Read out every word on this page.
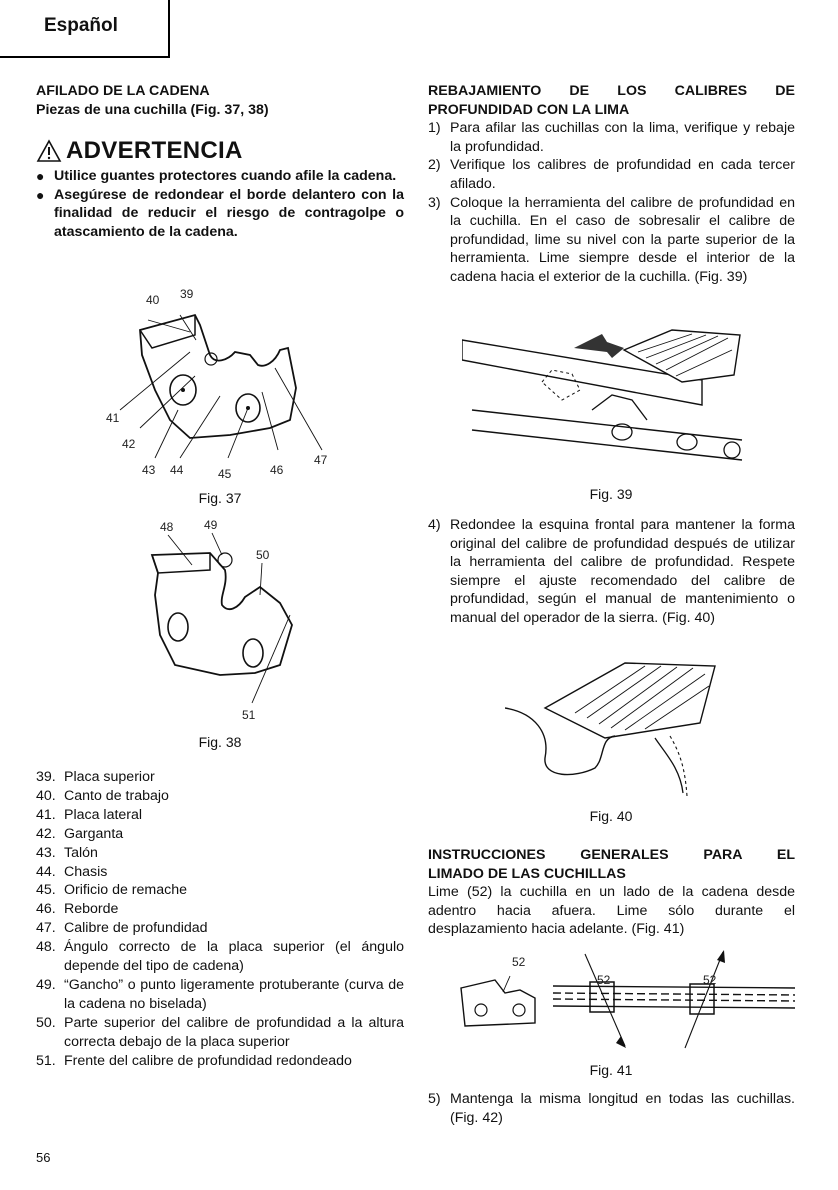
Español

AFILADO DE LA CADENA

Piezas de una cuchilla (Fig. 37, 38)

ADVERTENCIA
● Utilice guantes protectores cuando afile la cadena.
● Asegúrese de redondear el borde delantero con la finalidad de reducir el riesgo de contragolpe o atascamiento de la cadena.
40 39
41
42
43 44	45	46
47
Fig. 37
48	49
50
51
Fig. 38
39. Placa superior
40. Canto de trabajo
41. Placa lateral
42. Garganta
43. Talón
44. Chasis
45. Orificio de remache
46. Reborde
47. Calibre de profundidad
48. Ángulo correcto de la placa superior (el ángulo depende del tipo de cadena)
49. “Gancho” o punto ligeramente protuberante (curva de la cadena no biselada)
50. Parte superior del calibre de profundidad a la altura correcta debajo de la placa superior
51. Frente del calibre de profundidad redondeado

REBAJAMIENTO DE LOS CALIBRES DE

PROFUNDIDAD CON LA LIMA

1) Para afilar las cuchillas con la lima, verifique y rebaje la profundidad.
2) Verifique los calibres de profundidad en cada tercer afilado.
3) Coloque la herramienta del calibre de profundidad en la cuchilla. En el caso de sobresalir el calibre de profundidad, lime su nivel con la parte superior de la herramienta. Lime siempre desde el interior de la cadena hacia el exterior de la cuchilla. (Fig. 39)
Fig. 39
4) Redondee la esquina frontal para mantener la forma original del calibre de profundidad después de utilizar la herramienta del calibre de profundidad. Respete siempre el ajuste recomendado del calibre de profundidad, según el manual de mantenimiento o manual del operador de la sierra. (Fig. 40)
Fig. 40

INSTRUCCIONES GENERALES PARA EL

LIMADO DE LAS CUCHILLAS

Lime (52) la cuchilla en un lado de la cadena desde adentro hacia afuera. Lime sólo durante el desplazamiento hacia adelante. (Fig. 41)

52
52	52
Fig. 41
5) Mantenga la misma longitud en todas las cuchillas. (Fig. 42)
56
